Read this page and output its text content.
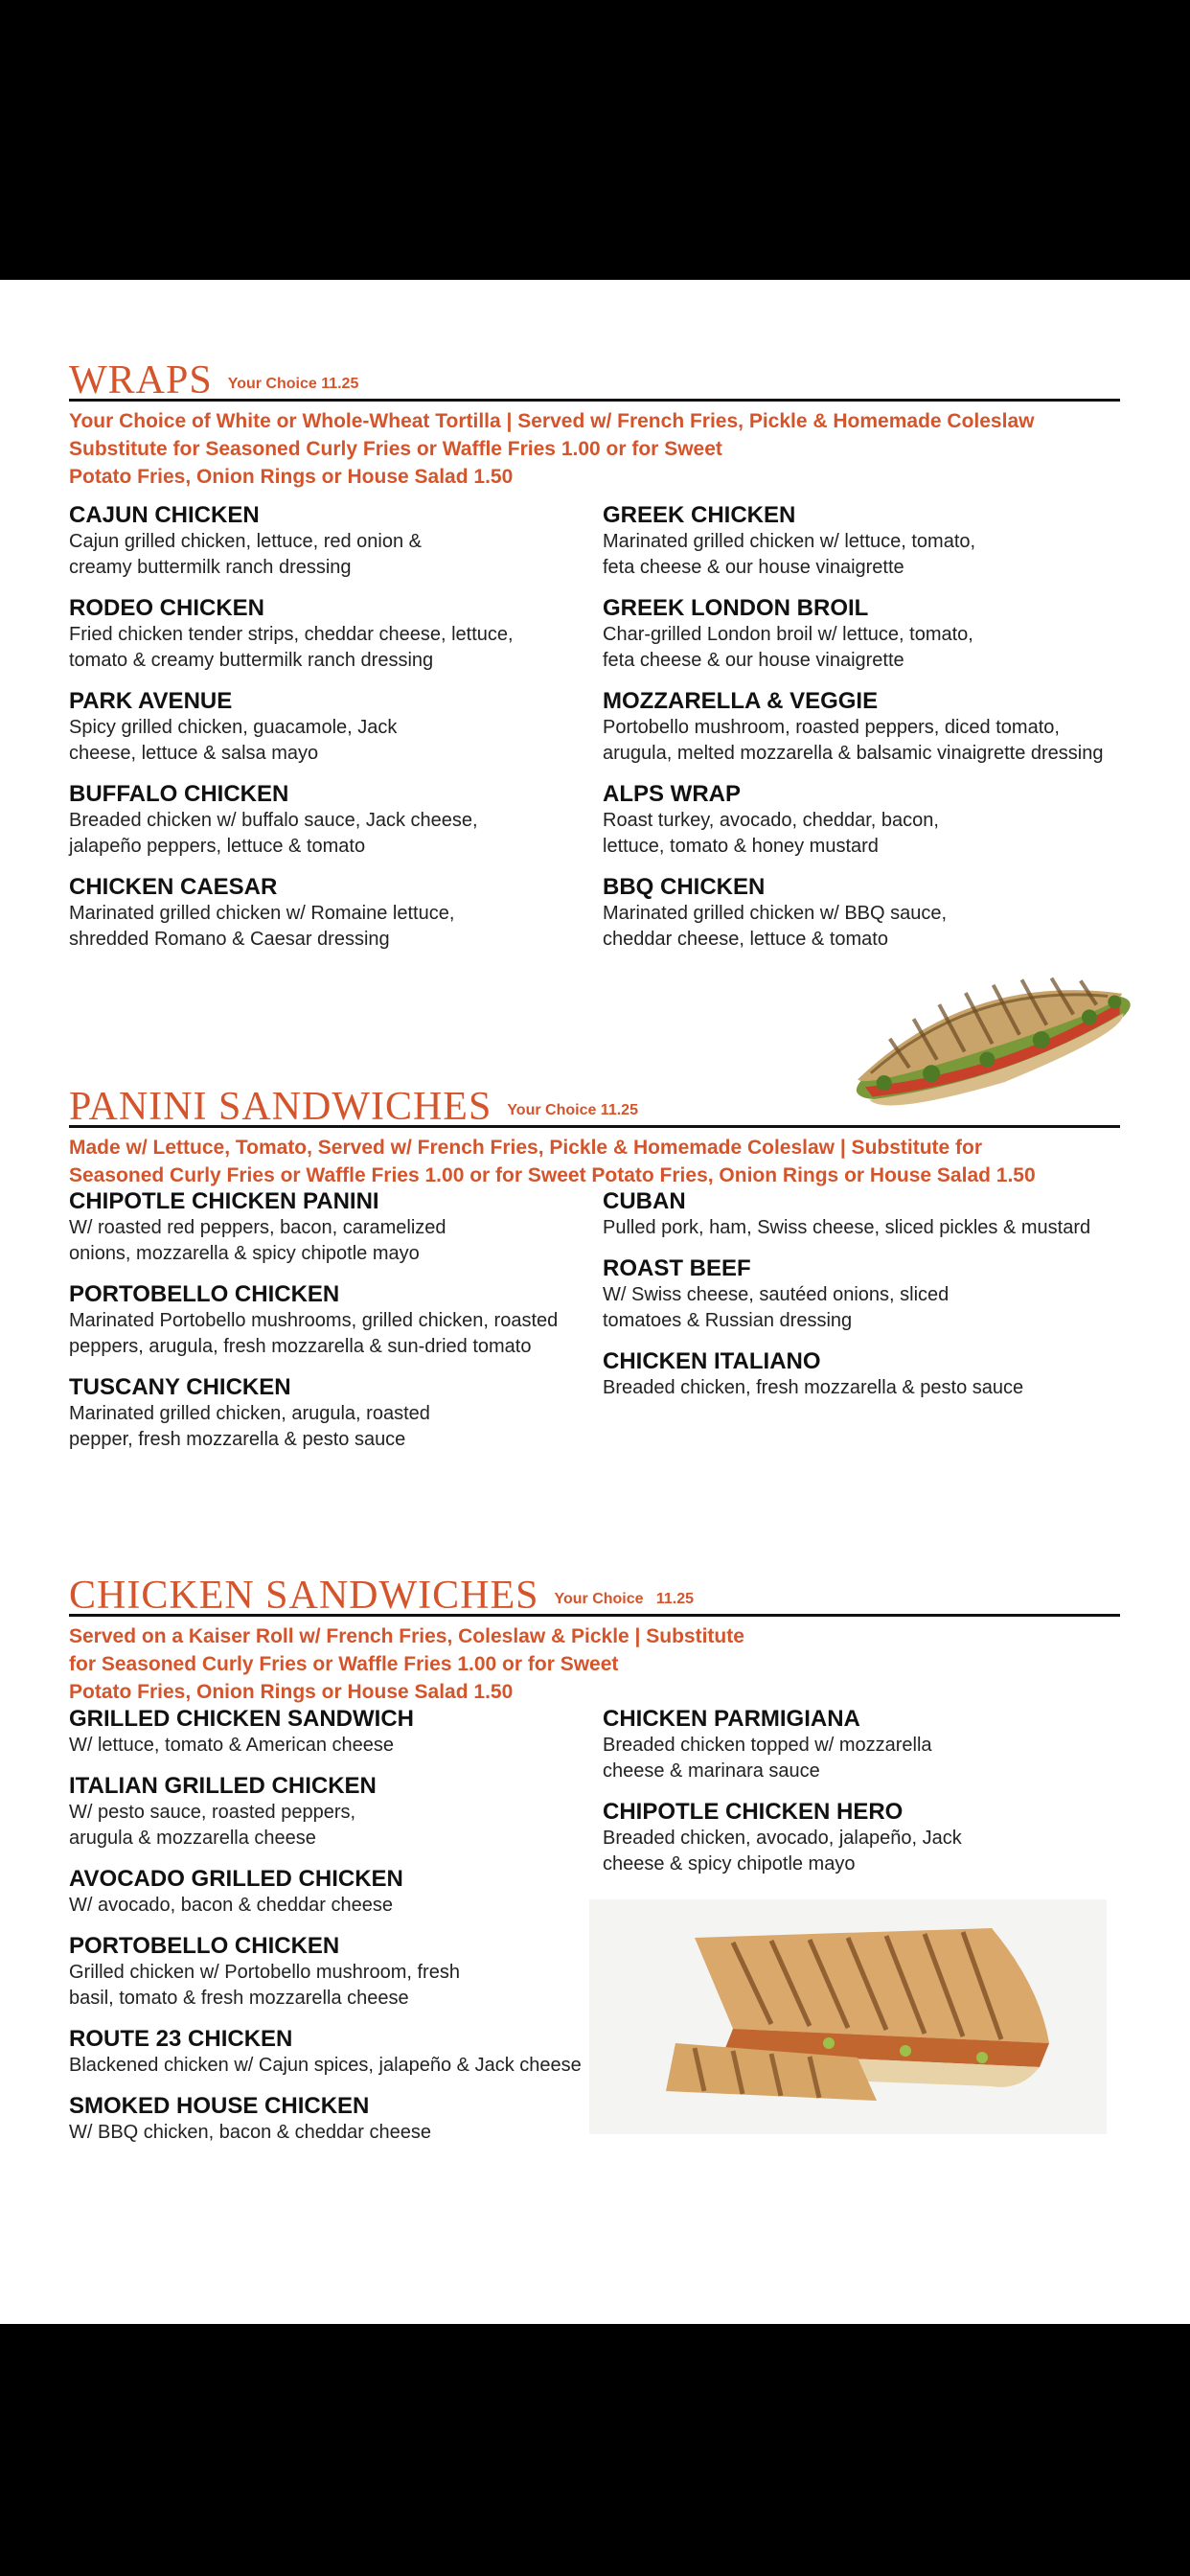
WRAPS Your Choice 11.25
Your Choice of White or Whole-Wheat Tortilla | Served w/ French Fries, Pickle & Homemade Coleslaw
Substitute for Seasoned Curly Fries or Waffle Fries 1.00 or for Sweet
Potato Fries, Onion Rings or House Salad 1.50
CAJUN CHICKEN
Cajun grilled chicken, lettuce, red onion &
creamy buttermilk ranch dressing
RODEO CHICKEN
Fried chicken tender strips, cheddar cheese, lettuce,
tomato & creamy buttermilk ranch dressing
PARK AVENUE
Spicy grilled chicken, guacamole, Jack
cheese, lettuce & salsa mayo
BUFFALO CHICKEN
Breaded chicken w/ buffalo sauce, Jack cheese,
jalapeño peppers, lettuce & tomato
CHICKEN CAESAR
Marinated grilled chicken w/ Romaine lettuce,
shredded Romano & Caesar dressing
GREEK CHICKEN
Marinated grilled chicken w/ lettuce, tomato,
feta cheese & our house vinaigrette
GREEK LONDON BROIL
Char-grilled London broil w/ lettuce, tomato,
feta cheese & our house vinaigrette
MOZZARELLA & VEGGIE
Portobello mushroom, roasted peppers, diced tomato,
arugula, melted mozzarella & balsamic vinaigrette dressing
ALPS WRAP
Roast turkey, avocado, cheddar, bacon,
lettuce, tomato & honey mustard
BBQ CHICKEN
Marinated grilled chicken w/ BBQ sauce,
cheddar cheese, lettuce & tomato
PANINI SANDWICHES Your Choice 11.25
Made w/ Lettuce, Tomato, Served w/ French Fries, Pickle & Homemade Coleslaw | Substitute for
Seasoned Curly Fries or Waffle Fries 1.00 or for Sweet Potato Fries, Onion Rings or House Salad 1.50
CHIPOTLE CHICKEN PANINI
W/ roasted red peppers, bacon, caramelized
onions, mozzarella & spicy chipotle mayo
PORTOBELLO CHICKEN
Marinated Portobello mushrooms, grilled chicken, roasted
peppers, arugula, fresh mozzarella & sun-dried tomato
TUSCANY CHICKEN
Marinated grilled chicken, arugula, roasted
pepper, fresh mozzarella & pesto sauce
CUBAN
Pulled pork, ham, Swiss cheese, sliced pickles & mustard
ROAST BEEF
W/ Swiss cheese, sautéed onions, sliced
tomatoes & Russian dressing
CHICKEN ITALIANO
Breaded chicken, fresh mozzarella & pesto sauce
CHICKEN SANDWICHES Your Choice   11.25
Served on a Kaiser Roll w/ French Fries, Coleslaw & Pickle | Substitute
for Seasoned Curly Fries or Waffle Fries 1.00 or for Sweet
Potato Fries, Onion Rings or House Salad 1.50
GRILLED CHICKEN SANDWICH
W/ lettuce, tomato & American cheese
ITALIAN GRILLED CHICKEN
W/ pesto sauce, roasted peppers,
arugula & mozzarella cheese
AVOCADO GRILLED CHICKEN
W/ avocado, bacon & cheddar cheese
PORTOBELLO CHICKEN
Grilled chicken w/ Portobello mushroom, fresh
basil, tomato & fresh mozzarella cheese
ROUTE 23 CHICKEN
Blackened chicken w/ Cajun spices, jalapeño & Jack cheese
SMOKED HOUSE CHICKEN
W/ BBQ chicken, bacon & cheddar cheese
CHICKEN PARMIGIANA
Breaded chicken topped w/ mozzarella
cheese & marinara sauce
CHIPOTLE CHICKEN HERO
Breaded chicken, avocado, jalapeño, Jack
cheese & spicy chipotle mayo
